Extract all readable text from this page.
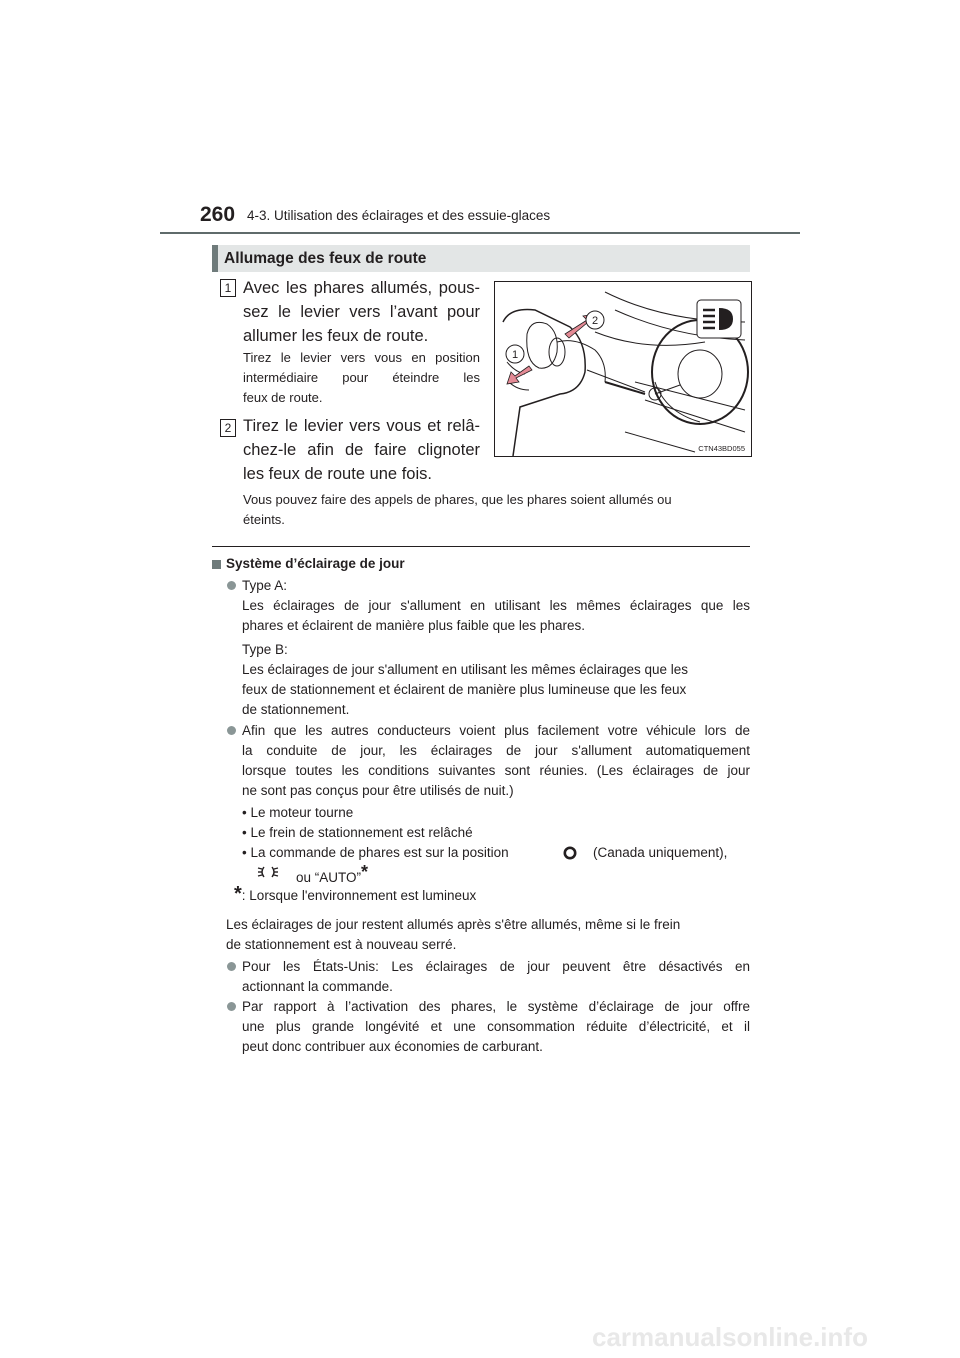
260 4-3. Utilisation des éclairages et des essuie-glaces
Allumage des feux de route
1 Avec les phares allumés, pous-
sez le levier vers l’avant pour
allumer les feux de route.
Tirez le levier vers vous en position
intermédiaire pour éteindre les
feux de route.
2 Tirez le levier vers vous et relâ-
chez-le afin de faire clignoter
les feux de route une fois.
Vous pouvez faire des appels de phares, que les phares soient allumés ou
éteints.
2
1
CTN43BD055
Système d’éclairage de jour
Type A:
Les éclairages de jour s'allument en utilisant les mêmes éclairages que les
phares et éclairent de manière plus faible que les phares.
Type B:
Les éclairages de jour s'allument en utilisant les mêmes éclairages que les
feux de stationnement et éclairent de manière plus lumineuse que les feux
de stationnement.
Afin que les autres conducteurs voient plus facilement votre véhicule lors de
la conduite de jour, les éclairages de jour s'allument automatiquement
lorsque toutes les conditions suivantes sont réunies. (Les éclairages de jour
ne sont pas conçus pour être utilisés de nuit.)
• Le moteur tourne
• Le frein de stationnement est relâché
• La commande de phares est sur la position	(Canada uniquement),
ou “AUTO”*
*: Lorsque l'environnement est lumineux
Les éclairages de jour restent allumés après s'être allumés, même si le frein
de stationnement est à nouveau serré.
Pour les États-Unis: Les éclairages de jour peuvent être désactivés en
actionnant la commande.
Par rapport à l’activation des phares, le système d’éclairage de jour offre
une plus grande longévité et une consommation réduite d’électricité, et il
peut donc contribuer aux économies de carburant.
carmanualsonline.info
